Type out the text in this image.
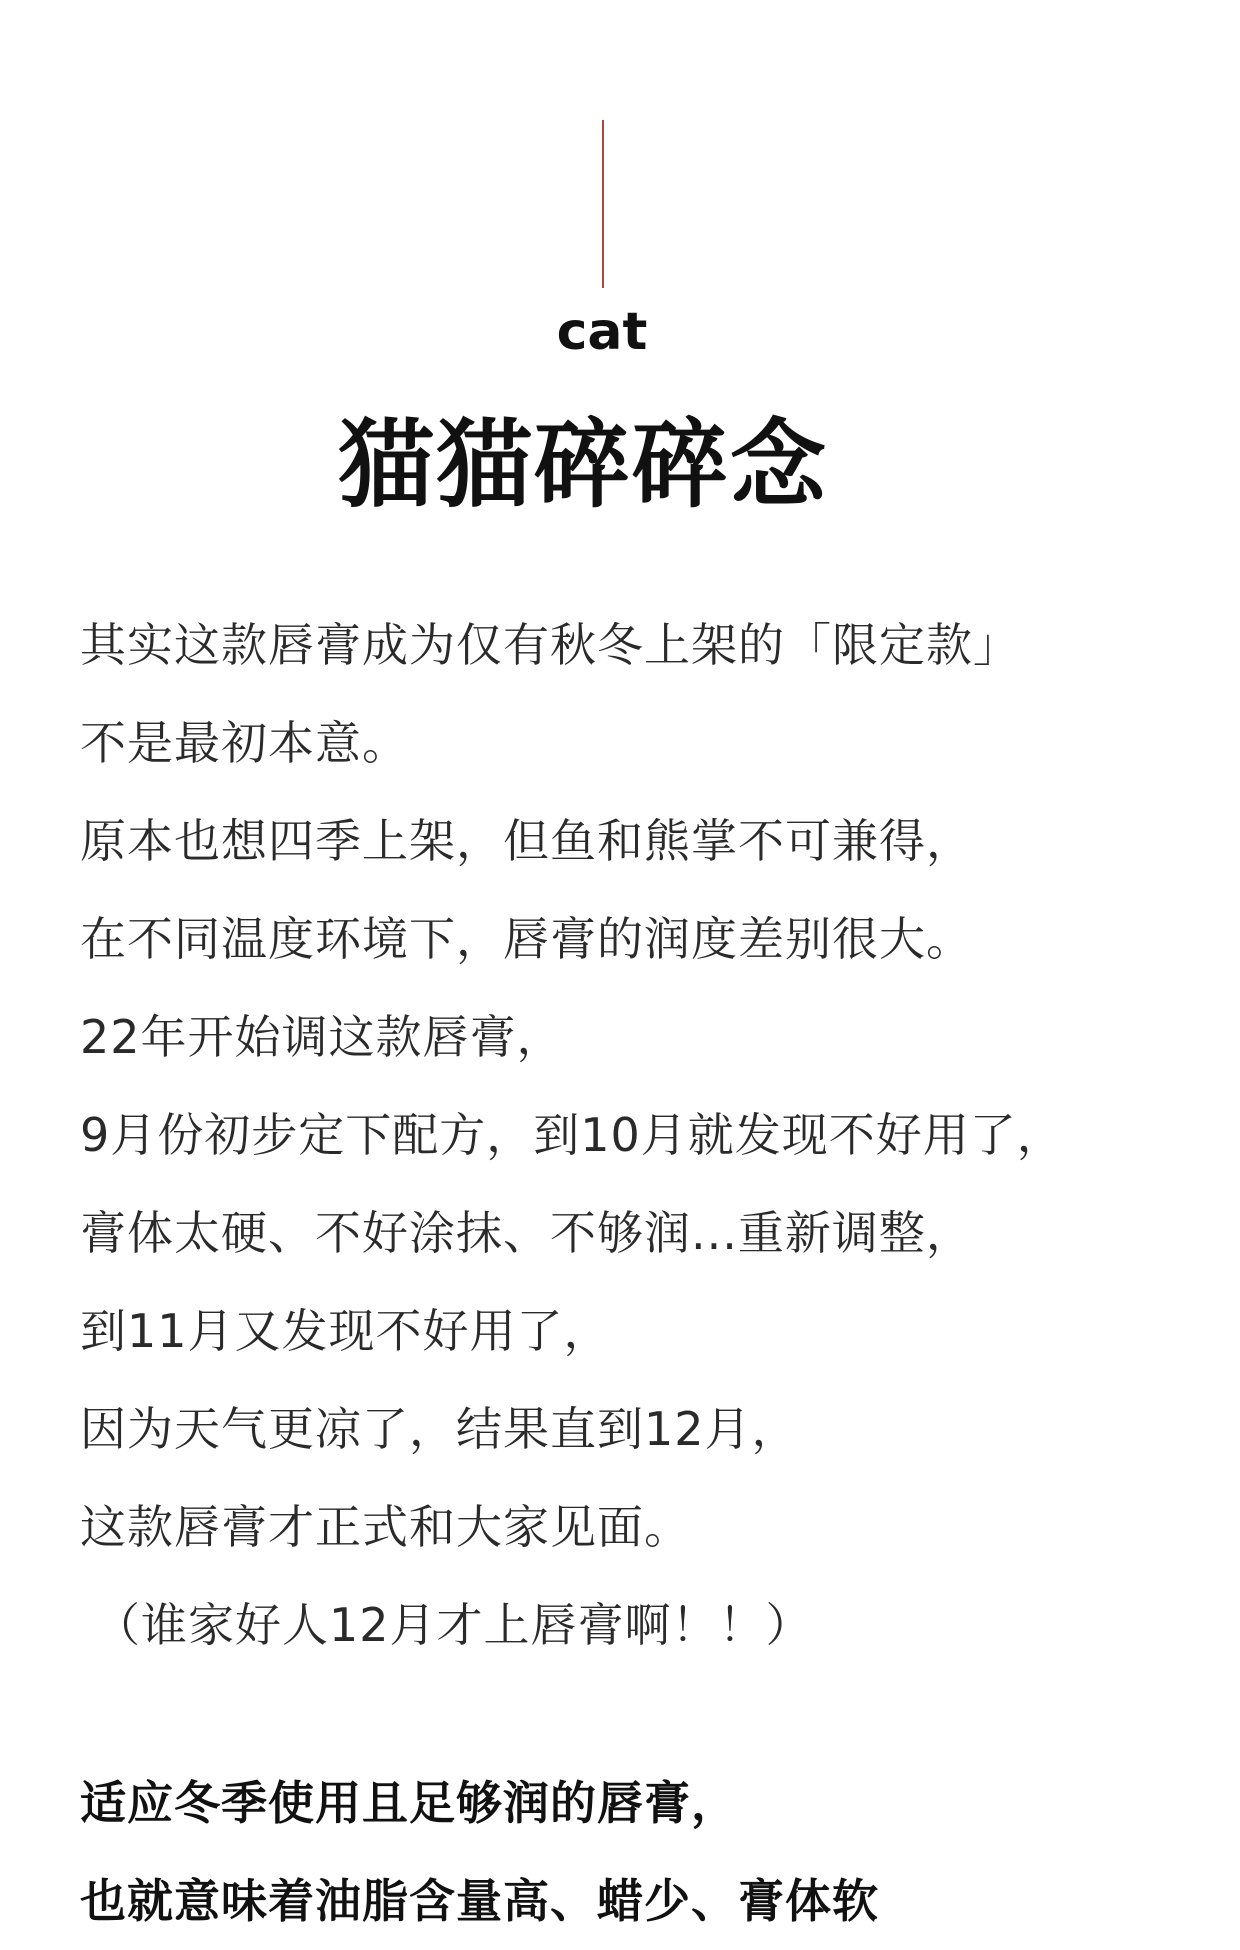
cat
猫猫碎碎念
其实这款唇膏成为仅有秋冬上架的「限定款」
不是最初本意。
原本也想四季上架，但鱼和熊掌不可兼得，
在不同温度环境下，唇膏的润度差别很大。
22年开始调这款唇膏，
9月份初步定下配方，到10月就发现不好用了，
膏体太硬、不好涂抹、不够润...重新调整，
到11月又发现不好用了，
因为天气更凉了，结果直到12月，
这款唇膏才正式和大家见面。
（谁家好人12月才上唇膏啊！！）
适应冬季使用且足够润的唇膏，
也就意味着油脂含量高、蜡少、膏体软
